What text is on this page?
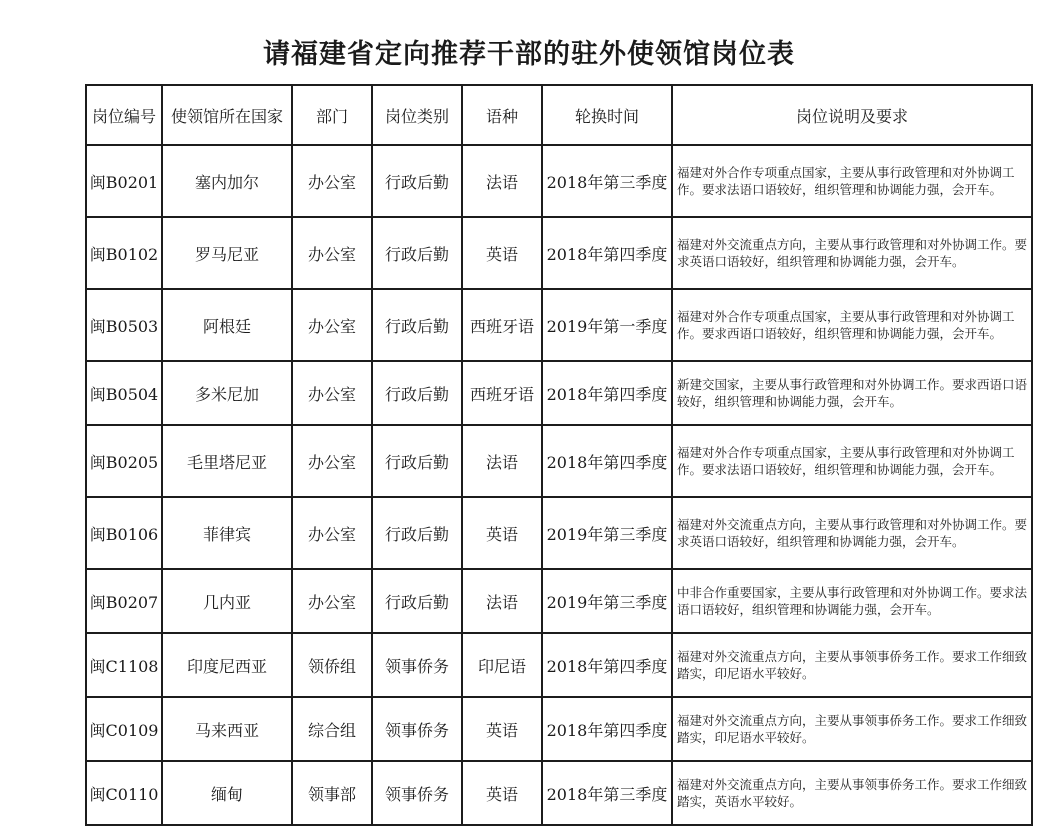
请福建省定向推荐干部的驻外使领馆岗位表
岗位编号	使领馆所在国家	部门	岗位类别	语种	轮换时间	岗位说明及要求
闽B0201	塞内加尔	办公室	行政后勤	法语	2018年第三季度	福建对外合作专项重点国家，主要从事行政管理和对外协调工作。要求法语口语较好，组织管理和协调能力强，会开车。
闽B0102	罗马尼亚	办公室	行政后勤	英语	2018年第四季度	福建对外交流重点方向，主要从事行政管理和对外协调工作。要求英语口语较好，组织管理和协调能力强，会开车。
闽B0503	阿根廷	办公室	行政后勤	西班牙语	2019年第一季度	福建对外合作专项重点国家，主要从事行政管理和对外协调工作。要求西语口语较好，组织管理和协调能力强，会开车。
闽B0504	多米尼加	办公室	行政后勤	西班牙语	2018年第四季度	新建交国家，主要从事行政管理和对外协调工作。要求西语口语较好，组织管理和协调能力强，会开车。
闽B0205	毛里塔尼亚	办公室	行政后勤	法语	2018年第四季度	福建对外合作专项重点国家，主要从事行政管理和对外协调工作。要求法语口语较好，组织管理和协调能力强，会开车。
闽B0106	菲律宾	办公室	行政后勤	英语	2019年第三季度	福建对外交流重点方向，主要从事行政管理和对外协调工作。要求英语口语较好，组织管理和协调能力强，会开车。
闽B0207	几内亚	办公室	行政后勤	法语	2019年第三季度	中非合作重要国家，主要从事行政管理和对外协调工作。要求法语口语较好，组织管理和协调能力强，会开车。
闽C1108	印度尼西亚	领侨组	领事侨务	印尼语	2018年第四季度	福建对外交流重点方向，主要从事领事侨务工作。要求工作细致踏实，印尼语水平较好。
闽C0109	马来西亚	综合组	领事侨务	英语	2018年第四季度	福建对外交流重点方向，主要从事领事侨务工作。要求工作细致踏实，印尼语水平较好。
闽C0110	缅甸	领事部	领事侨务	英语	2018年第三季度	福建对外交流重点方向，主要从事领事侨务工作。要求工作细致踏实，英语水平较好。
